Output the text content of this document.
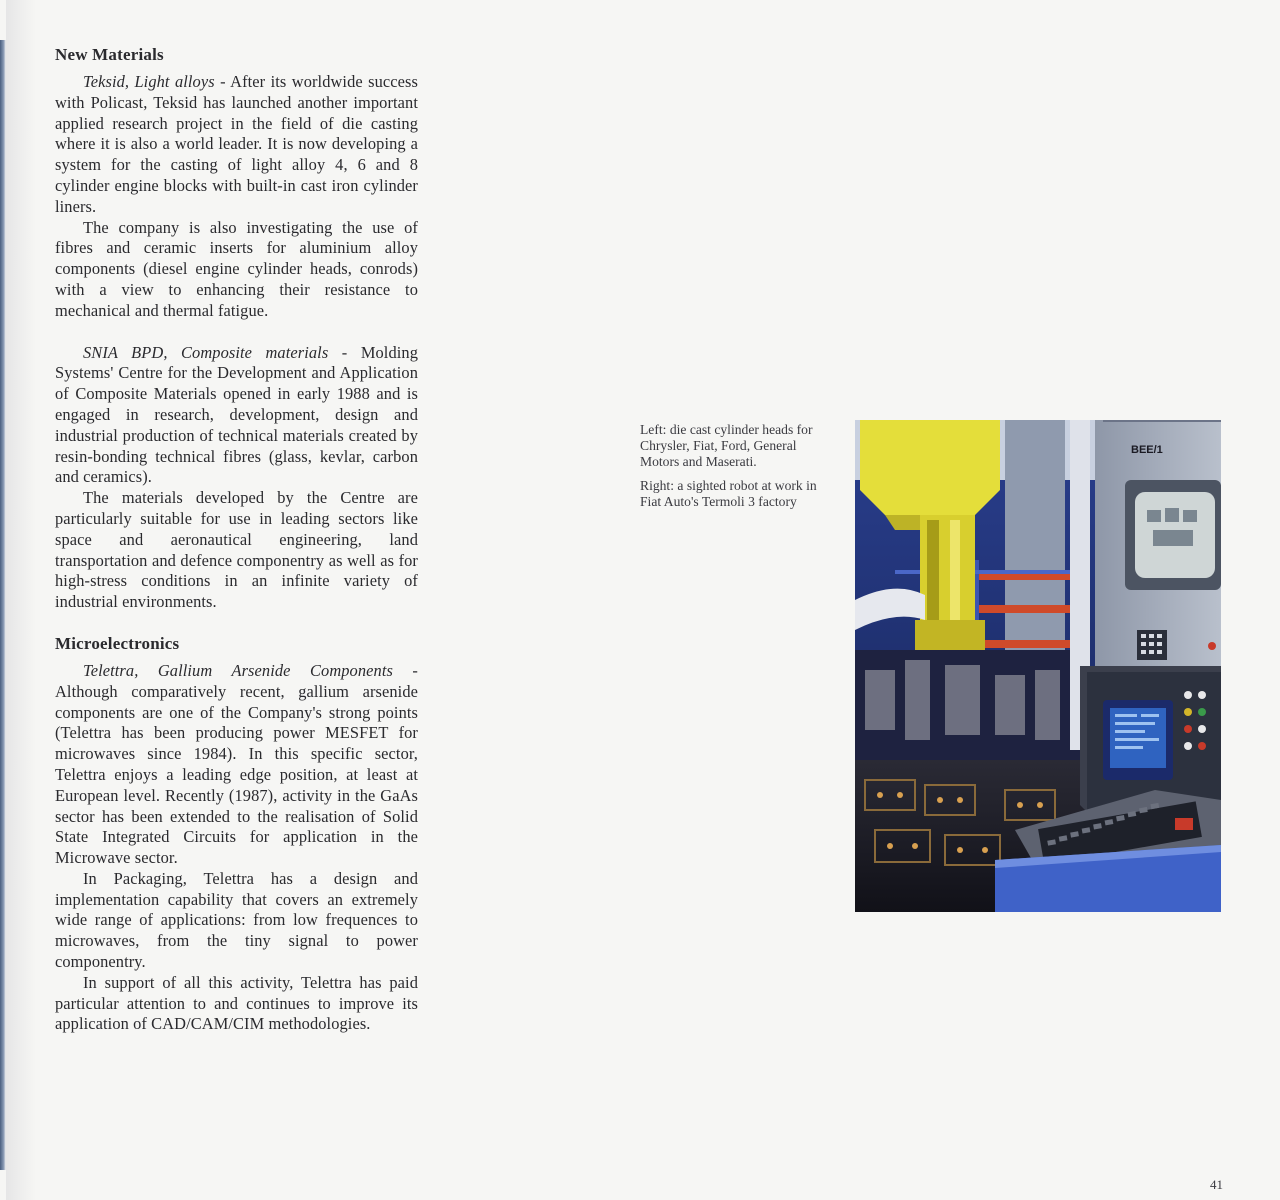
New Materials

Teksid, Light alloys - After its worldwide success with Policast, Teksid has launched another important applied research project in the field of die casting where it is also a world leader. It is now developing a system for the casting of light alloy 4, 6 and 8 cylinder engine blocks with built-in cast iron cylinder liners.

The company is also investigating the use of fibres and ceramic inserts for aluminium alloy components (diesel engine cylinder heads, conrods) with a view to enhancing their resistance to mechanical and thermal fatigue.

SNIA BPD, Composite materials - Molding Systems' Centre for the Development and Application of Composite Materials opened in early 1988 and is engaged in research, development, design and industrial production of technical materials created by resin-bonding technical fibres (glass, kevlar, carbon and ceramics).

The materials developed by the Centre are particularly suitable for use in leading sectors like space and aeronautical engineering, land transportation and defence componentry as well as for high-stress conditions in an infinite variety of industrial environments.

Microelectronics

Telettra, Gallium Arsenide Components - Although comparatively recent, gallium arsenide components are one of the Company's strong points (Telettra has been producing power MESFET for microwaves since 1984). In this specific sector, Telettra enjoys a leading edge position, at least at European level. Recently (1987), activity in the GaAs sector has been extended to the realisation of Solid State Integrated Circuits for application in the Microwave sector.

In Packaging, Telettra has a design and implementation capability that covers an extremely wide range of applications: from low frequences to microwaves, from the tiny signal to power componentry.

In support of all this activity, Telettra has paid particular attention to and continues to improve its application of CAD/CAM/CIM methodologies.

Left: die cast cylinder heads for Chrysler, Fiat, Ford, General Motors and Maserati.

Right: a sighted robot at work in Fiat Auto's Termoli 3 factory

BEE/1
41
